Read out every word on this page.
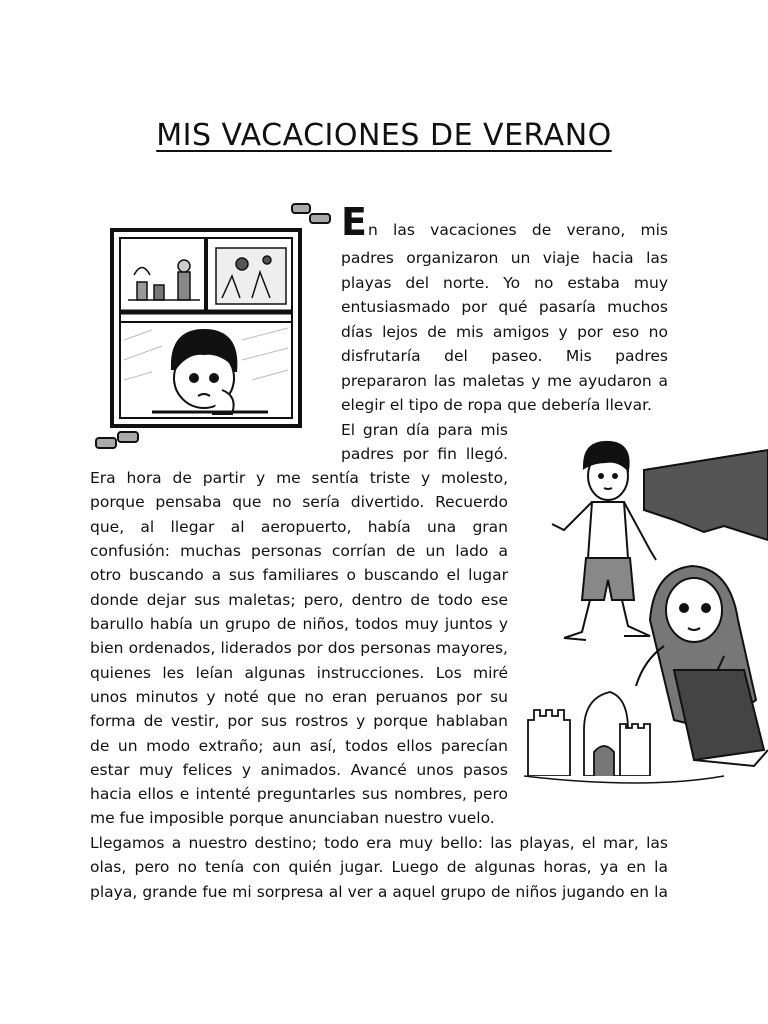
MIS VACACIONES DE VERANO
E n las vacaciones de verano, mis
padres organizaron un viaje hacia las
playas del norte. Yo no estaba muy
entusiasmado por qué pasaría muchos
días lejos de mis amigos y por eso no
disfrutaría del paseo. Mis padres
prepararon las maletas y me ayudaron a
elegir el tipo de ropa que debería llevar.
El gran día para mis
padres por fin llegó.
Era hora de partir y me sentía triste y molesto,
porque pensaba que no sería divertido. Recuerdo
que, al llegar al aeropuerto, había una gran
confusión: muchas personas corrían de un lado a
otro buscando a sus familiares o buscando el lugar
donde dejar sus maletas; pero, dentro de todo ese
barullo había un grupo de niños, todos muy juntos y
bien ordenados, liderados por dos personas mayores,
quienes les leían algunas instrucciones. Los miré
unos minutos y noté que no eran peruanos por su
forma de vestir, por sus rostros y porque hablaban
de un modo extraño; aun así, todos ellos parecían
estar muy felices y animados. Avancé unos pasos
hacia ellos e intenté preguntarles sus nombres, pero
me fue imposible porque anunciaban nuestro vuelo.
Llegamos a nuestro destino; todo era muy bello: las playas, el mar, las
olas, pero no tenía con quién jugar. Luego de algunas horas, ya en la
playa, grande fue mi sorpresa al ver a aquel grupo de niños jugando en la
